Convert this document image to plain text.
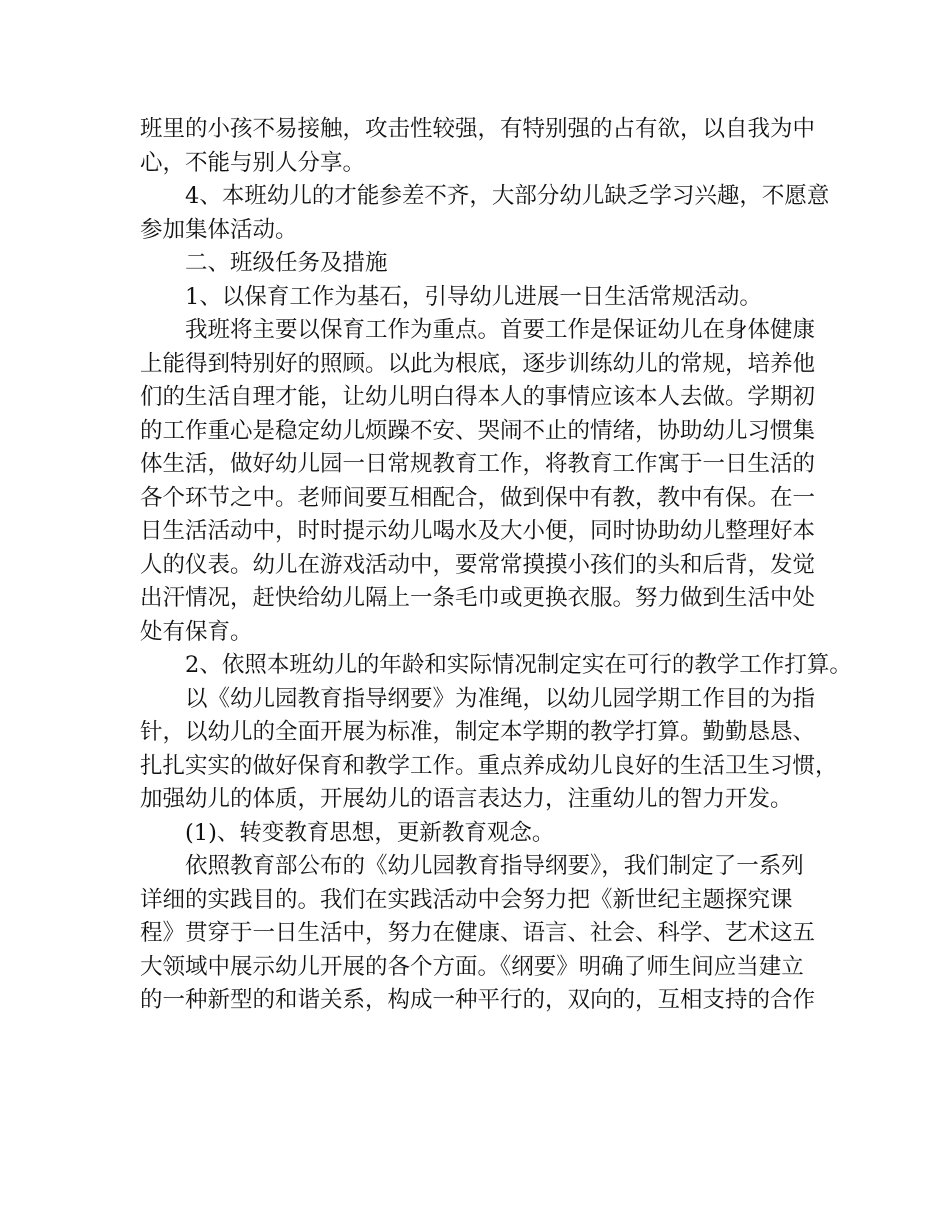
班里的小孩不易接触，攻击性较强，有特别强的占有欲，以自我为中
心，不能与别人分享。
4、本班幼儿的才能参差不齐，大部分幼儿缺乏学习兴趣，不愿意
参加集体活动。
二、班级任务及措施
1、以保育工作为基石，引导幼儿进展一日生活常规活动。
我班将主要以保育工作为重点。首要工作是保证幼儿在身体健康
上能得到特别好的照顾。以此为根底，逐步训练幼儿的常规，培养他
们的生活自理才能，让幼儿明白得本人的事情应该本人去做。学期初
的工作重心是稳定幼儿烦躁不安、哭闹不止的情绪，协助幼儿习惯集
体生活，做好幼儿园一日常规教育工作，将教育工作寓于一日生活的
各个环节之中。老师间要互相配合，做到保中有教，教中有保。在一
日生活活动中，时时提示幼儿喝水及大小便，同时协助幼儿整理好本
人的仪表。幼儿在游戏活动中，要常常摸摸小孩们的头和后背，发觉
出汗情况，赶快给幼儿隔上一条毛巾或更换衣服。努力做到生活中处
处有保育。
2、依照本班幼儿的年龄和实际情况制定实在可行的教学工作打算。
以《幼儿园教育指导纲要》为准绳，以幼儿园学期工作目的为指
针，以幼儿的全面开展为标准，制定本学期的教学打算。勤勤恳恳、
扎扎实实的做好保育和教学工作。重点养成幼儿良好的生活卫生习惯，
加强幼儿的体质，开展幼儿的语言表达力，注重幼儿的智力开发。
(1)、转变教育思想，更新教育观念。
依照教育部公布的《幼儿园教育指导纲要》，我们制定了一系列
详细的实践目的。我们在实践活动中会努力把《新世纪主题探究课
程》贯穿于一日生活中，努力在健康、语言、社会、科学、艺术这五
大领域中展示幼儿开展的各个方面。《纲要》明确了师生间应当建立
的一种新型的和谐关系，构成一种平行的，双向的，互相支持的合作
